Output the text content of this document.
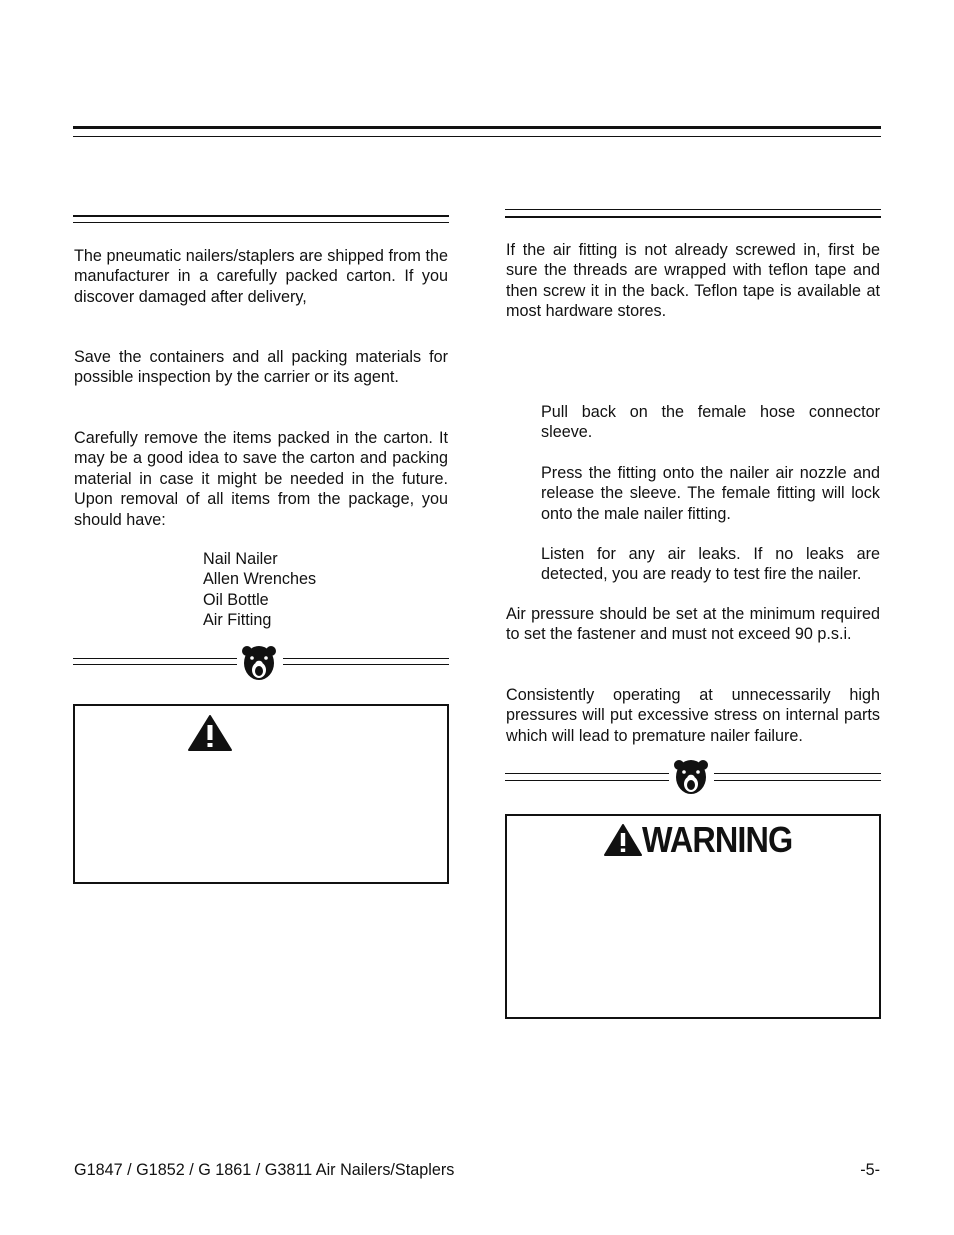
The pneumatic nailers/staplers are shipped from the manufacturer in a carefully packed carton. If you discover damaged after delivery,

Save the containers and all packing materials for possible inspection by the carrier or its agent.

Carefully remove the items packed in the carton. It may be a good idea to save the carton and packing material in case it might be needed in the future. Upon removal of all items from the package, you should have:

Nail Nailer
Allen Wrenches
Oil Bottle
Air Fitting

If the air fitting is not already screwed in, first be sure the threads are wrapped with teflon tape and then screw it in the back. Teflon tape is available at most hardware stores.

Pull back on the female hose connector sleeve.

Press the fitting onto the nailer air nozzle and release the sleeve. The female fitting will lock onto the male nailer fitting.

Listen for any air leaks. If no leaks are detected, you are ready to test fire the nailer.

Air pressure should be set at the minimum required to set the fastener and must not exceed 90 p.s.i.

Consistently operating at unnecessarily high pressures will put excessive stress on internal parts which will lead to premature nailer failure.

WARNING
G1847 / G1852 / G 1861 / G3811 Air Nailers/Staplers	-5-
